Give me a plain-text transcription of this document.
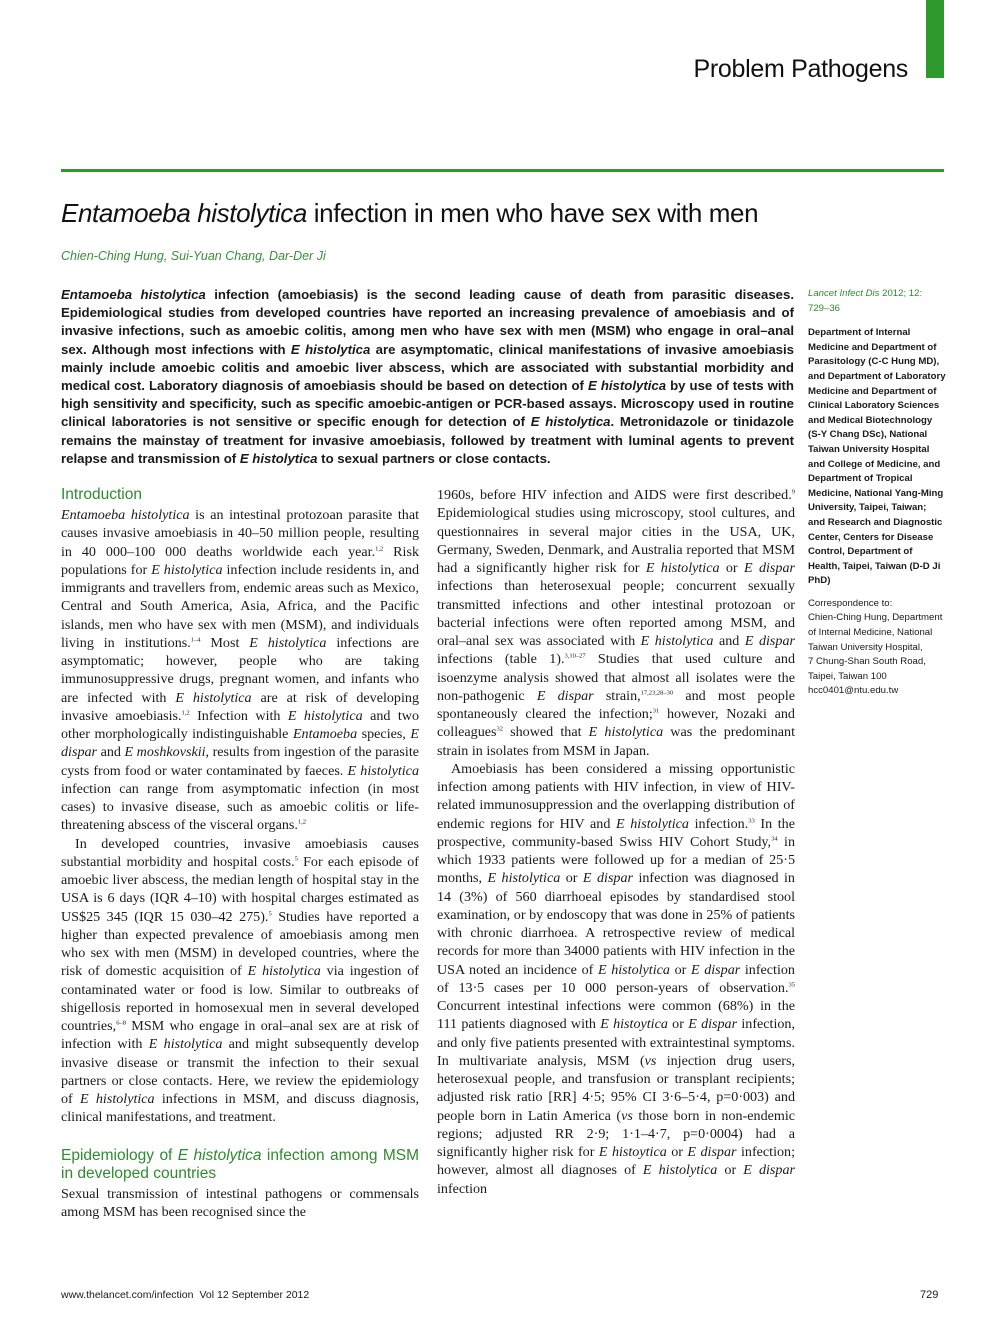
Problem Pathogens
Entamoeba histolytica infection in men who have sex with men
Chien-Ching Hung, Sui-Yuan Chang, Dar-Der Ji
Entamoeba histolytica infection (amoebiasis) is the second leading cause of death from parasitic diseases. Epidemiological studies from developed countries have reported an increasing prevalence of amoebiasis and of invasive infections, such as amoebic colitis, among men who have sex with men (MSM) who engage in oral–anal sex. Although most infections with E histolytica are asymptomatic, clinical manifestations of invasive amoebiasis mainly include amoebic colitis and amoebic liver abscess, which are associated with substantial morbidity and medical cost. Laboratory diagnosis of amoebiasis should be based on detection of E histolytica by use of tests with high sensitivity and specificity, such as specific amoebic-antigen or PCR-based assays. Microscopy used in routine clinical laboratories is not sensitive or specific enough for detection of E histolytica. Metronidazole or tinidazole remains the mainstay of treatment for invasive amoebiasis, followed by treatment with luminal agents to prevent relapse and transmission of E histolytica to sexual partners or close contacts.
Lancet Infect Dis 2012; 12: 729–36
Department of Internal Medicine and Department of Parasitology (C-C Hung MD), and Department of Laboratory Medicine and Department of Clinical Laboratory Sciences and Medical Biotechnology (S-Y Chang DSc), National Taiwan University Hospital and College of Medicine, and Department of Tropical Medicine, National Yang-Ming University, Taipei, Taiwan; and Research and Diagnostic Center, Centers for Disease Control, Department of Health, Taipei, Taiwan (D-D Ji PhD)
Correspondence to:
Chien-Ching Hung, Department of Internal Medicine, National Taiwan University Hospital,
7 Chung-Shan South Road, Taipei, Taiwan 100
hcc0401@ntu.edu.tw
Introduction

Entamoeba histolytica is an intestinal protozoan parasite that causes invasive amoebiasis in 40–50 million people, resulting in 40 000–100 000 deaths worldwide each year.$^{1,2}$ Risk populations for E histolytica infection include residents in, and immigrants and travellers from, endemic areas such as Mexico, Central and South America, Asia, Africa, and the Pacific islands, men who have sex with men (MSM), and individuals living in institutions.$^{1-4}$ Most E histolytica infections are asymptomatic; however, people who are taking immunosuppressive drugs, pregnant women, and infants who are infected with E histolytica are at risk of developing invasive amoebiasis.$^{1,2}$ Infection with E histolytica and two other morphologically indistinguishable Entamoeba species, E dispar and E moshkovskii, results from ingestion of the parasite cysts from food or water contaminated by faeces. E histolytica infection can range from asymptomatic infection (in most cases) to invasive disease, such as amoebic colitis or life-threatening abscess of the visceral organs.$^{1,2}$

In developed countries, invasive amoebiasis causes substantial morbidity and hospital costs.$^5$ For each episode of amoebic liver abscess, the median length of hospital stay in the USA is 6 days (IQR 4–10) with hospital charges estimated as US$25 345 (IQR 15 030–42 275).$^5$ Studies have reported a higher than expected prevalence of amoebiasis among men who sex with men (MSM) in developed countries, where the risk of domestic acquisition of E histolytica via ingestion of contaminated water or food is low. Similar to outbreaks of shigellosis reported in homosexual men in several developed countries,$^{6-8}$ MSM who engage in oral–anal sex are at risk of infection with E histolytica and might subsequently develop invasive disease or transmit the infection to their sexual partners or close contacts. Here, we review the epidemiology of E histolytica infections in MSM, and discuss diagnosis, clinical manifestations, and treatment.

Epidemiology of E histolytica infection among MSM in developed countries

Sexual transmission of intestinal pathogens or commensals among MSM has been recognised since the

1960s, before HIV infection and AIDS were first described.$^9$ Epidemiological studies using microscopy, stool cultures, and questionnaires in several major cities in the USA, UK, Germany, Sweden, Denmark, and Australia reported that MSM had a significantly higher risk for E histolytica or E dispar infections than heterosexual people; concurrent sexually transmitted infections and other intestinal protozoan or bacterial infections were often reported among MSM, and oral–anal sex was associated with E histolytica and E dispar infections (table 1).$^{3,10-27}$ Studies that used culture and isoenzyme analysis showed that almost all isolates were the non-pathogenic E dispar strain,$^{17,23,28-30}$ and most people spontaneously cleared the infection;$^{31}$ however, Nozaki and colleagues$^{32}$ showed that E histolytica was the predominant strain in isolates from MSM in Japan.

Amoebiasis has been considered a missing opportunistic infection among patients with HIV infection, in view of HIV-related immunosuppression and the overlapping distribution of endemic regions for HIV and E histolytica infection.$^{33}$ In the prospective, community-based Swiss HIV Cohort Study,$^{34}$ in which 1933 patients were followed up for a median of 25·5 months, E histolytica or E dispar infection was diagnosed in 14 (3%) of 560 diarrhoeal episodes by standardised stool examination, or by endoscopy that was done in 25% of patients with chronic diarrhoea. A retrospective review of medical records for more than 34000 patients with HIV infection in the USA noted an incidence of E histolytica or E dispar infection of 13·5 cases per 10 000 person-years of observation.$^{35}$ Concurrent intestinal infections were common (68%) in the 111 patients diagnosed with E histoytica or E dispar infection, and only five patients presented with extraintestinal symptoms. In multivariate analysis, MSM (vs injection drug users, heterosexual people, and transfusion or transplant recipients; adjusted risk ratio [RR] 4·5; 95% CI 3·6–5·4, p=0·003) and people born in Latin America (vs those born in non-endemic regions; adjusted RR 2·9; 1·1–4·7, p=0·0004) had a significantly higher risk for E histoytica or E dispar infection; however, almost all diagnoses of E histolytica or E dispar infection

www.thelancet.com/infection Vol 12 September 2012	729
